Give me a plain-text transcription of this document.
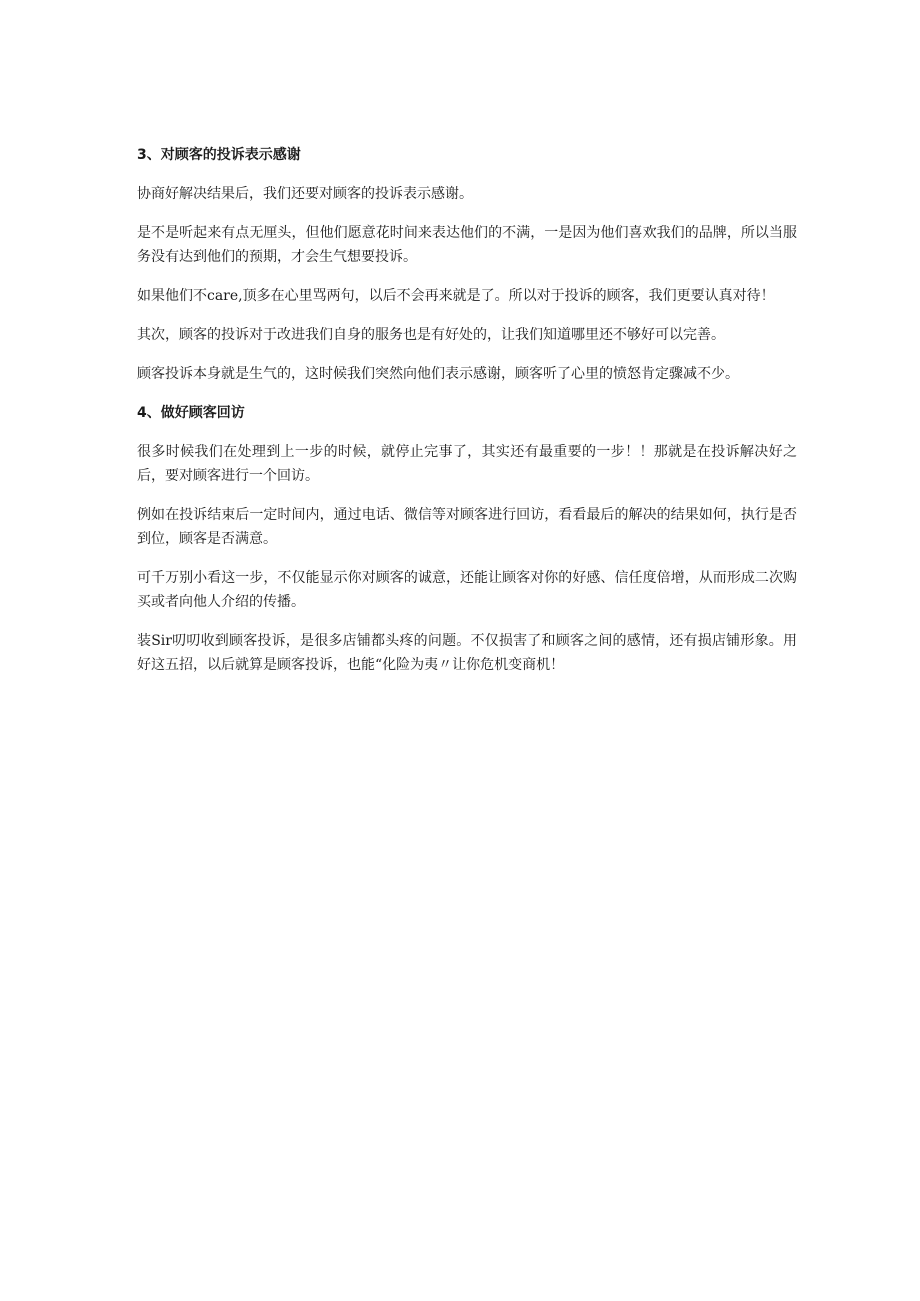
3、对顾客的投诉表示感谢

协商好解决结果后，我们还要对顾客的投诉表示感谢。

是不是听起来有点无厘头，但他们愿意花时间来表达他们的不满，一是因为他们喜欢我们的品牌，所以当服务没有达到他们的预期，才会生气想要投诉。

如果他们不care,顶多在心里骂两句，以后不会再来就是了。所以对于投诉的顾客，我们更要认真对待！

其次，顾客的投诉对于改进我们自身的服务也是有好处的，让我们知道哪里还不够好可以完善。

顾客投诉本身就是生气的，这时候我们突然向他们表示感谢，顾客听了心里的愤怒肯定骤减不少。

4、做好顾客回访

很多时候我们在处理到上一步的时候，就停止完事了，其实还有最重要的一步！！那就是在投诉解决好之后，要对顾客进行一个回访。

例如在投诉结束后一定时间内，通过电话、微信等对顾客进行回访，看看最后的解决的结果如何，执行是否到位，顾客是否满意。

可千万别小看这一步，不仅能显示你对顾客的诚意，还能让顾客对你的好感、信任度倍增，从而形成二次购买或者向他人介绍的传播。

装Sir叨叨收到顾客投诉，是很多店铺都头疼的问题。不仅损害了和顾客之间的感情，还有损店铺形象。用好这五招，以后就算是顾客投诉，也能“化险为夷〃让你危机变商机！
